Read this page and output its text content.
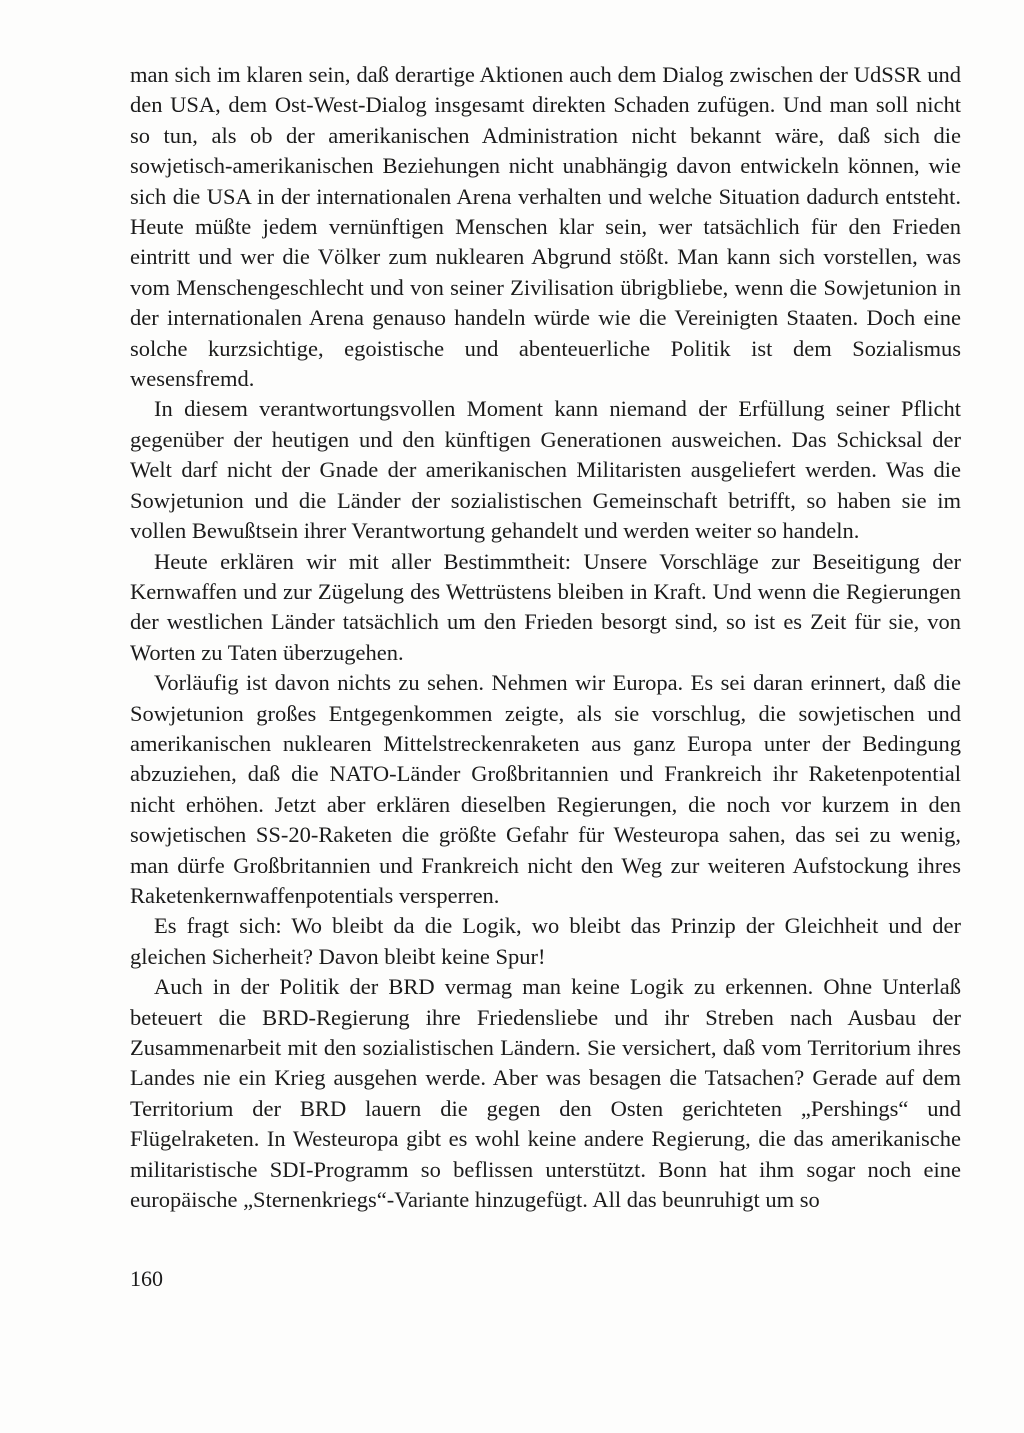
man sich im klaren sein, daß derartige Aktionen auch dem Dialog zwischen der UdSSR und den USA, dem Ost-West-Dialog insgesamt direkten Schaden zufügen. Und man soll nicht so tun, als ob der amerikanischen Administration nicht bekannt wäre, daß sich die sowjetisch-amerikanischen Beziehungen nicht unabhängig davon entwickeln können, wie sich die USA in der internationalen Arena verhalten und welche Situation dadurch entsteht. Heute müßte jedem vernünftigen Menschen klar sein, wer tatsächlich für den Frieden eintritt und wer die Völker zum nuklearen Abgrund stößt. Man kann sich vorstellen, was vom Menschengeschlecht und von seiner Zivilisation übrigbliebe, wenn die Sowjetunion in der internationalen Arena genauso handeln würde wie die Vereinigten Staaten. Doch eine solche kurzsichtige, egoistische und abenteuerliche Politik ist dem Sozialismus wesensfremd.

In diesem verantwortungsvollen Moment kann niemand der Erfüllung seiner Pflicht gegenüber der heutigen und den künftigen Generationen ausweichen. Das Schicksal der Welt darf nicht der Gnade der amerikanischen Militaristen ausgeliefert werden. Was die Sowjetunion und die Länder der sozialistischen Gemeinschaft betrifft, so haben sie im vollen Bewußtsein ihrer Verantwortung gehandelt und werden weiter so handeln.

Heute erklären wir mit aller Bestimmtheit: Unsere Vorschläge zur Beseitigung der Kernwaffen und zur Zügelung des Wettrüstens bleiben in Kraft. Und wenn die Regierungen der westlichen Länder tatsächlich um den Frieden besorgt sind, so ist es Zeit für sie, von Worten zu Taten überzugehen.

Vorläufig ist davon nichts zu sehen. Nehmen wir Europa. Es sei daran erinnert, daß die Sowjetunion großes Entgegenkommen zeigte, als sie vorschlug, die sowjetischen und amerikanischen nuklearen Mittelstreckenraketen aus ganz Europa unter der Bedingung abzuziehen, daß die NATO-Länder Großbritannien und Frankreich ihr Raketenpotential nicht erhöhen. Jetzt aber erklären dieselben Regierungen, die noch vor kurzem in den sowjetischen SS-20-Raketen die größte Gefahr für Westeuropa sahen, das sei zu wenig, man dürfe Großbritannien und Frankreich nicht den Weg zur weiteren Aufstockung ihres Raketenkernwaffenpotentials versperren.

Es fragt sich: Wo bleibt da die Logik, wo bleibt das Prinzip der Gleichheit und der gleichen Sicherheit? Davon bleibt keine Spur!

Auch in der Politik der BRD vermag man keine Logik zu erkennen. Ohne Unterlaß beteuert die BRD-Regierung ihre Friedensliebe und ihr Streben nach Ausbau der Zusammenarbeit mit den sozialistischen Ländern. Sie versichert, daß vom Territorium ihres Landes nie ein Krieg ausgehen werde. Aber was besagen die Tatsachen? Gerade auf dem Territorium der BRD lauern die gegen den Osten gerichteten „Pershings“ und Flügelraketen. In Westeuropa gibt es wohl keine andere Regierung, die das amerikanische militaristische SDI-Programm so beflissen unterstützt. Bonn hat ihm sogar noch eine europäische „Sternenkriegs“-Variante hinzugefügt. All das beunruhigt um so

160
